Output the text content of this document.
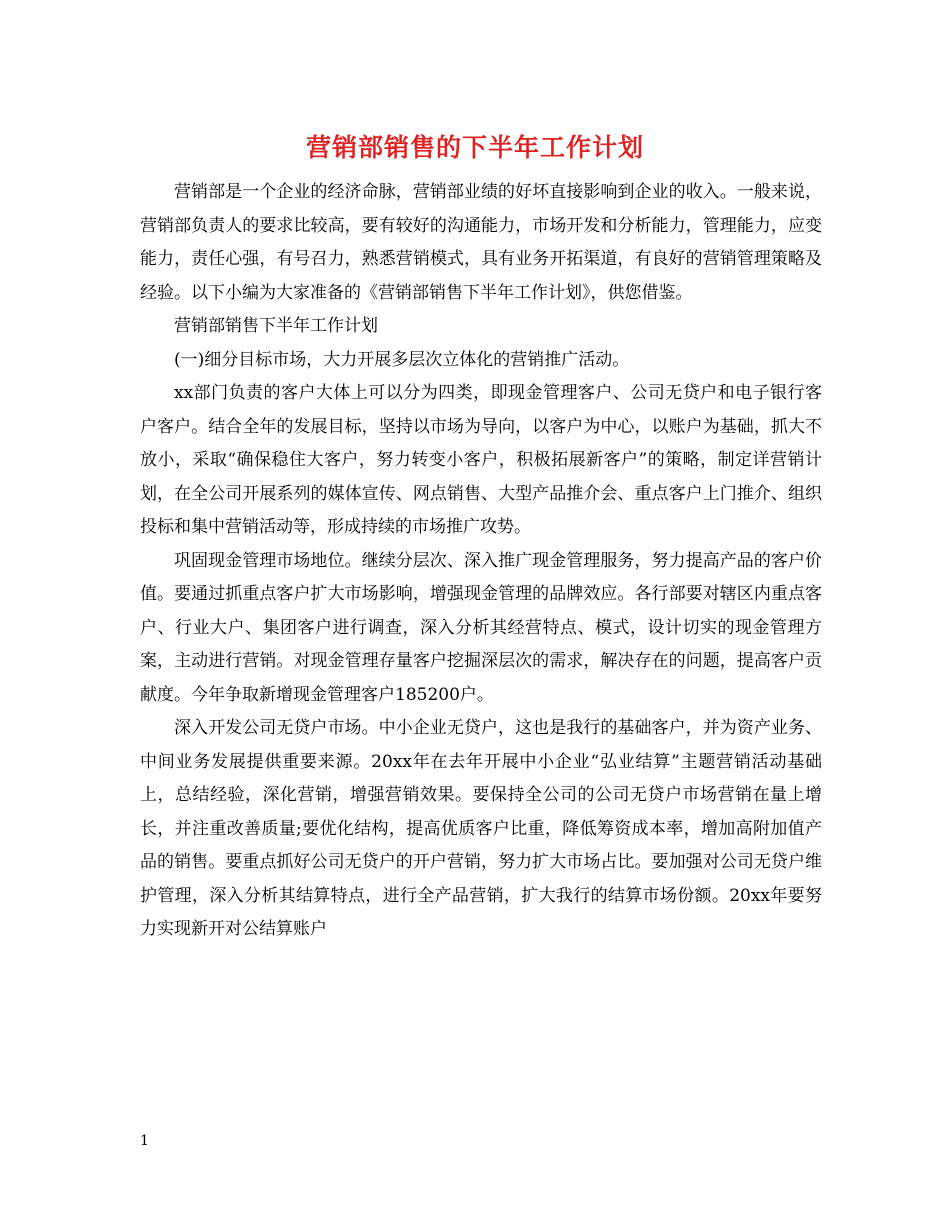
营销部销售的下半年工作计划

营销部是一个企业的经济命脉，营销部业绩的好坏直接影响到企业的收入。一般来说，营销部负责人的要求比较高，要有较好的沟通能力，市场开发和分析能力，管理能力，应变能力，责任心强，有号召力，熟悉营销模式，具有业务开拓渠道，有良好的营销管理策略及经验。以下小编为大家准备的《营销部销售下半年工作计划》，供您借鉴。

营销部销售下半年工作计划

(一)细分目标市场，大力开展多层次立体化的营销推广活动。

xx部门负责的客户大体上可以分为四类，即现金管理客户、公司无贷户和电子银行客户客户。结合全年的发展目标，坚持以市场为导向，以客户为中心，以账户为基础，抓大不放小，采取“确保稳住大客户，努力转变小客户，积极拓展新客户”的策略，制定详营销计划，在全公司开展系列的媒体宣传、网点销售、大型产品推介会、重点客户上门推介、组织投标和集中营销活动等，形成持续的市场推广攻势。

巩固现金管理市场地位。继续分层次、深入推广现金管理服务，努力提高产品的客户价值。要通过抓重点客户扩大市场影响，增强现金管理的品牌效应。各行部要对辖区内重点客户、行业大户、集团客户进行调查，深入分析其经营特点、模式，设计切实的现金管理方案，主动进行营销。对现金管理存量客户挖掘深层次的需求，解决存在的问题，提高客户贡献度。今年争取新增现金管理客户185200户。

深入开发公司无贷户市场。中小企业无贷户，这也是我行的基础客户，并为资产业务、中间业务发展提供重要来源。20xx年在去年开展中小企业“弘业结算”主题营销活动基础上，总结经验，深化营销，增强营销效果。要保持全公司的公司无贷户市场营销在量上增长，并注重改善质量;要优化结构，提高优质客户比重，降低筹资成本率，增加高附加值产品的销售。要重点抓好公司无贷户的开户营销，努力扩大市场占比。要加强对公司无贷户维护管理，深入分析其结算特点，进行全产品营销，扩大我行的结算市场份额。20xx年要努力实现新开对公结算账户

1
